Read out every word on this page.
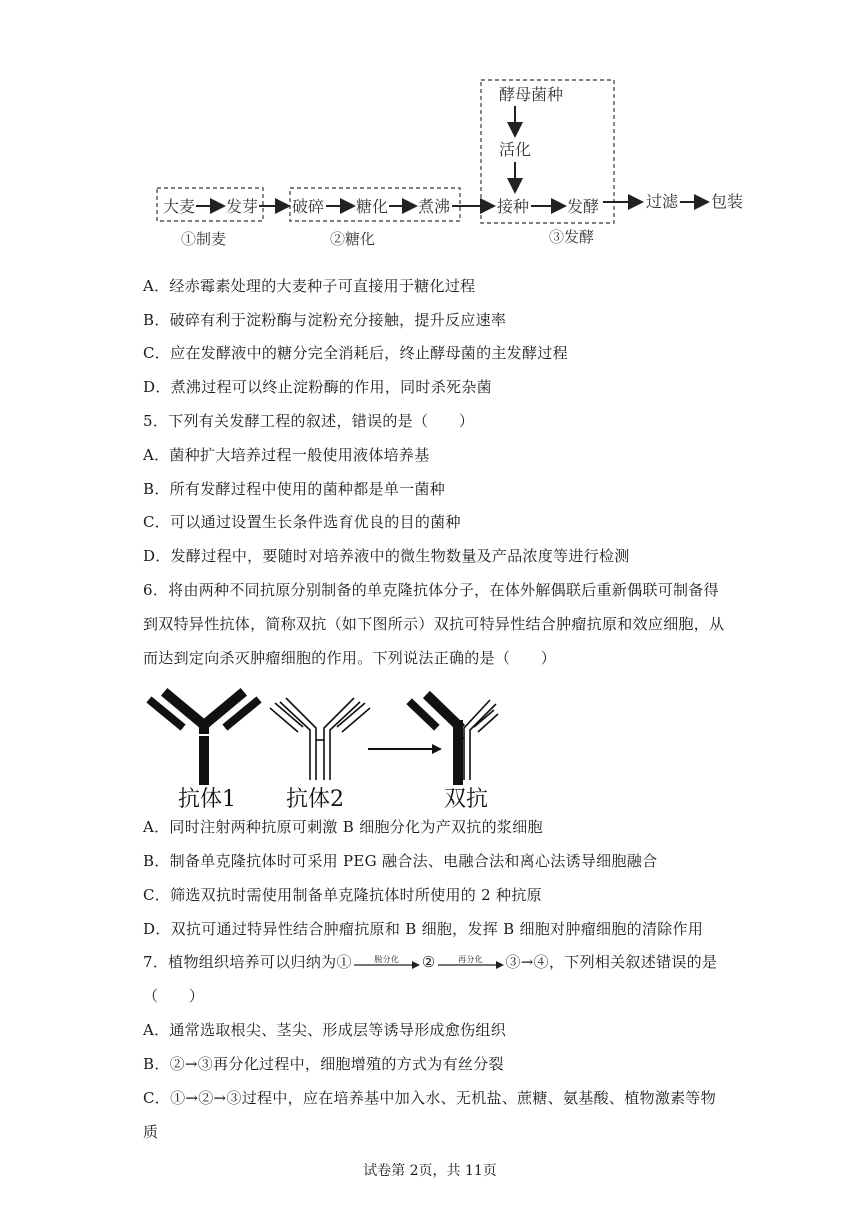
大麦 发芽 破碎 糖化 煮沸
酵母菌种
活化
接种 发酵	过滤 包装
①制麦	②糖化	③发酵
A．经赤霉素处理的大麦种子可直接用于糖化过程
B．破碎有利于淀粉酶与淀粉充分接触，提升反应速率
C．应在发酵液中的糖分完全消耗后，终止酵母菌的主发酵过程
D．煮沸过程可以终止淀粉酶的作用，同时杀死杂菌
5．下列有关发酵工程的叙述，错误的是（　　）
A．菌种扩大培养过程一般使用液体培养基
B．所有发酵过程中使用的菌种都是单一菌种
C．可以通过设置生长条件选育优良的目的菌种
D．发酵过程中，要随时对培养液中的微生物数量及产品浓度等进行检测
6．将由两种不同抗原分别制备的单克隆抗体分子，在体外解偶联后重新偶联可制备得
到双特异性抗体，简称双抗（如下图所示）双抗可特异性结合肿瘤抗原和效应细胞，从
而达到定向杀灭肿瘤细胞的作用。下列说法正确的是（　　）
抗体1 抗体2	双抗
A．同时注射两种抗原可刺激 B 细胞分化为产双抗的浆细胞
B．制备单克隆抗体时可采用 PEG 融合法、电融合法和离心法诱导细胞融合
C．筛选双抗时需使用制备单克隆抗体时所使用的 2 种抗原
D．双抗可通过特异性结合肿瘤抗原和 B 细胞，发挥 B 细胞对肿瘤细胞的清除作用
7．植物组织培养可以归纳为①	脱分化	②	再分化	③→④，下列相关叙述错误的是
（　　）
A．通常选取根尖、茎尖、形成层等诱导形成愈伤组织
B．②→③再分化过程中，细胞增殖的方式为有丝分裂
C．①→②→③过程中，应在培养基中加入水、无机盐、蔗糖、氨基酸、植物激素等物
质
试卷第 2页，共 11页
